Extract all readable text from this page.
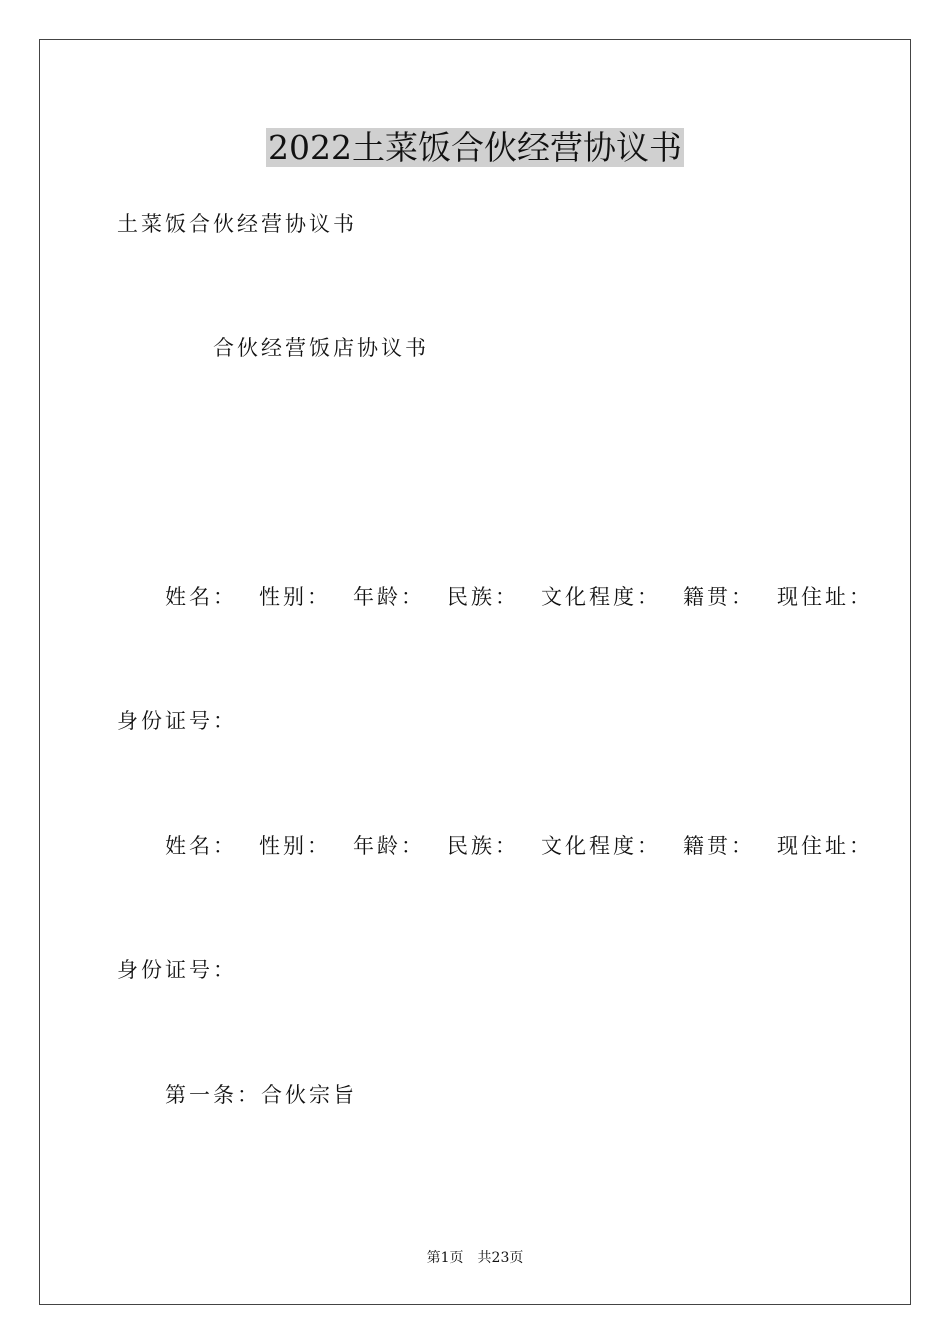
2022土菜饭合伙经营协议书
土菜饭合伙经营协议书
合伙经营饭店协议书
姓名： 性别： 年龄： 民族： 文化程度： 籍贯： 现住址：
身份证号：
姓名： 性别： 年龄： 民族： 文化程度： 籍贯： 现住址：
身份证号：
第一条：合伙宗旨
第1页　共23页
